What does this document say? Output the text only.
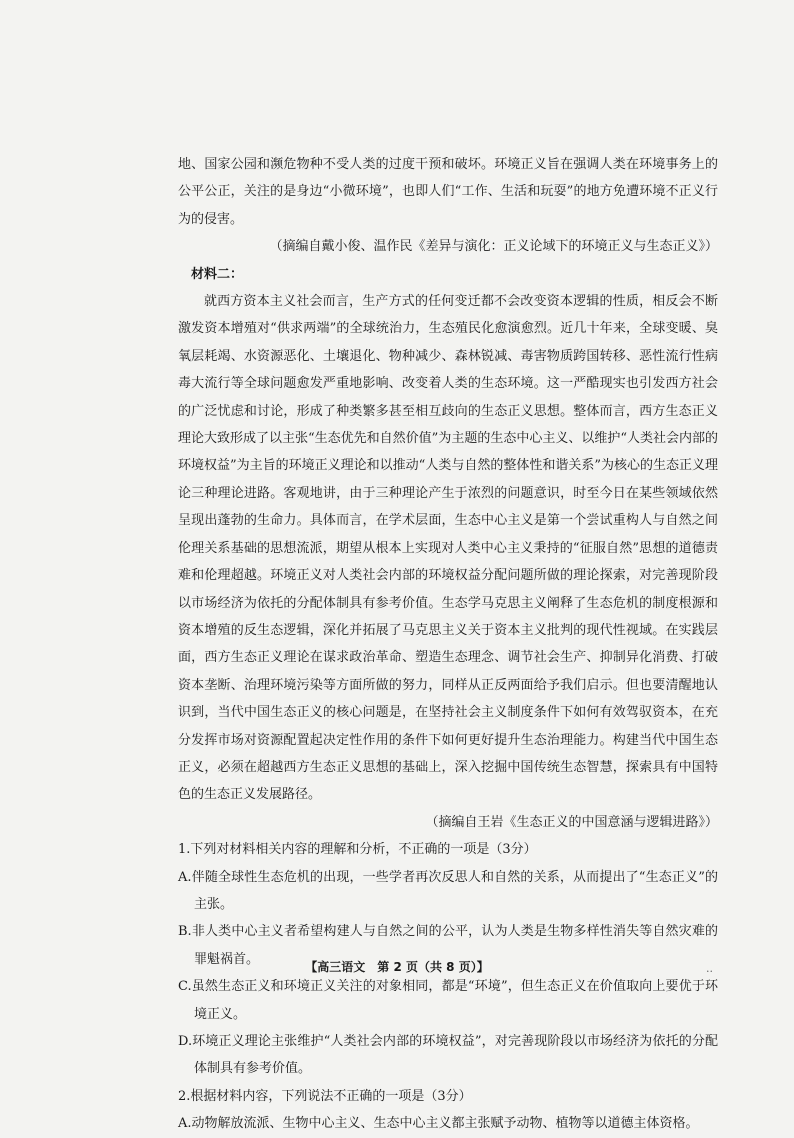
地、国家公园和濒危物种不受人类的过度干预和破坏。环境正义旨在强调人类在环境事务上的公平公正，关注的是身边“小微环境”，也即人们“工作、生活和玩耍”的地方免遭环境不正义行为的侵害。

（摘编自戴小俊、温作民《差异与演化：正义论域下的环境正义与生态正义》）

材料二：

就西方资本主义社会而言，生产方式的任何变迁都不会改变资本逻辑的性质，相反会不断激发资本增殖对“供求两端”的全球统治力，生态殖民化愈演愈烈。近几十年来，全球变暖、臭氧层耗竭、水资源恶化、土壤退化、物种减少、森林锐减、毒害物质跨国转移、恶性流行性病毒大流行等全球问题愈发严重地影响、改变着人类的生态环境。这一严酷现实也引发西方社会的广泛忧虑和讨论，形成了种类繁多甚至相互歧向的生态正义思想。整体而言，西方生态正义理论大致形成了以主张“生态优先和自然价值”为主题的生态中心主义、以维护“人类社会内部的环境权益”为主旨的环境正义理论和以推动“人类与自然的整体性和谐关系”为核心的生态正义理论三种理论进路。客观地讲，由于三种理论产生于浓烈的问题意识，时至今日在某些领域依然呈现出蓬勃的生命力。具体而言，在学术层面，生态中心主义是第一个尝试重构人与自然之间伦理关系基础的思想流派，期望从根本上实现对人类中心主义秉持的“征服自然”思想的道德责难和伦理超越。环境正义对人类社会内部的环境权益分配问题所做的理论探索，对完善现阶段以市场经济为依托的分配体制具有参考价值。生态学马克思主义阐释了生态危机的制度根源和资本增殖的反生态逻辑，深化并拓展了马克思主义关于资本主义批判的现代性视域。在实践层面，西方生态正义理论在谋求政治革命、塑造生态理念、调节社会生产、抑制异化消费、打破资本垄断、治理环境污染等方面所做的努力，同样从正反两面给予我们启示。但也要清醒地认识到，当代中国生态正义的核心问题是，在坚持社会主义制度条件下如何有效驾驭资本，在充分发挥市场对资源配置起决定性作用的条件下如何更好提升生态治理能力。构建当代中国生态正义，必须在超越西方生态正义思想的基础上，深入挖掘中国传统生态智慧，探索具有中国特色的生态正义发展路径。

（摘编自王岩《生态正义的中国意涵与逻辑进路》）

1.下列对材料相关内容的理解和分析，不正确的一项是（3分）

A.伴随全球性生态危机的出现，一些学者再次反思人和自然的关系，从而提出了“生态正义”的主张。

B.非人类中心主义者希望构建人与自然之间的公平，认为人类是生物多样性消失等自然灾难的罪魁祸首。

C.虽然生态正义和环境正义关注的对象相同，都是“环境”，但生态正义在价值取向上要优于环境正义。

D.环境正义理论主张维护“人类社会内部的环境权益”，对完善现阶段以市场经济为依托的分配体制具有参考价值。

2.根据材料内容，下列说法不正确的一项是（3分）

A.动物解放流派、生物中心主义、生态中心主义都主张赋予动物、植物等以道德主体资格。

【高三语文　第 2 页（共 8 页）】	..
